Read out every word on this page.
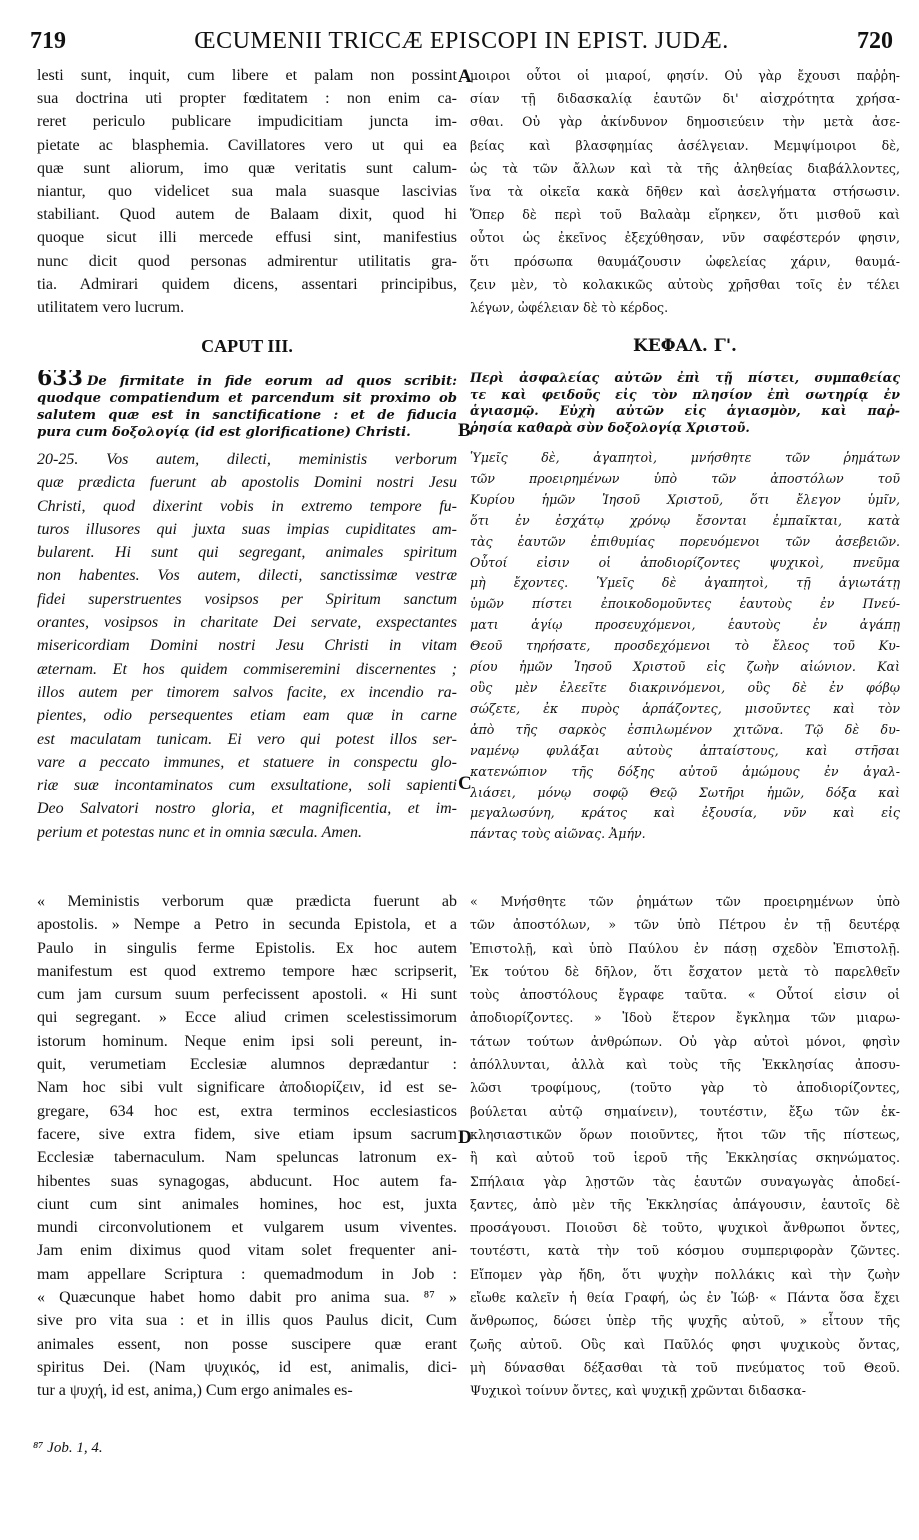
719	ŒCUMENII TRICCÆ EPISCOPI IN EPIST. JUDÆ.	720
lesti sunt, inquit, cum libere et palam non possint
sua doctrina uti propter fœditatem : non enim ca-
reret periculo publicare impudicitiam juncta im-
pietate ac blasphemia. Cavillatores vero ut qui ea
quæ sunt aliorum, imo quæ veritatis sunt calum-
niantur, quo videlicet sua mala suasque lascivias
stabiliant. Quod autem de Balaam dixit, quod hi
quoque sicut illi mercede effusi sint, manifestius
nunc dicit quod personas admirentur utilitatis gra-
tia. Admirari quidem dicens, assentari principibus,
utilitatem vero lucrum.
μοιροι οὗτοι οἱ μιαροί, φησίν. Οὐ γὰρ ἔχουσι παῤῥη-
σίαν τῇ διδασκαλίᾳ ἑαυτῶν δι' αἰσχρότητα χρήσα-
σθαι. Οὐ γὰρ ἀκίνδυνον δημοσιεύειν τὴν μετὰ ἀσε-
βείας καὶ βλασφημίας ἀσέλγειαν. Μεμψίμοιροι δὲ,
ὡς τὰ τῶν ἄλλων καὶ τὰ τῆς ἀληθείας διαβάλλοντες,
ἵνα τὰ οἰκεῖα κακὰ δῆθεν καὶ ἀσελγήματα στήσωσιν.
Ὅπερ δὲ περὶ τοῦ Βαλαὰμ εἴρηκεν, ὅτι μισθοῦ καὶ
οὗτοι ὡς ἐκεῖνος ἐξεχύθησαν, νῦν σαφέστερόν φησιν,
ὅτι πρόσωπα θαυμάζουσιν ὠφελείας χάριν, θαυμά-
ζειν μὲν, τὸ κολακικῶς αὐτοὺς χρῆσθαι τοῖς ἐν τέλει
λέγων, ὠφέλειαν δὲ τὸ κέρδος.
A
CAPUT III.	ΚΕΦΑΛ. Γ'.
633 De firmitate in fide eorum ad quos scribit:
quodque compatiendum et parcendum sit proximo ob
salutem quæ est in sanctificatione : et de fiducia
pura cum δοξολογίᾳ (id est glorificatione) Christi.
Περὶ ἀσφαλείας αὐτῶν ἐπὶ τῇ πίστει, συμπαθείας
τε καὶ φειδοῦς εἰς τὸν πλησίον ἐπὶ σωτηρίᾳ ἐν
ἁγιασμῷ. Εὐχὴ αὐτῶν εἰς ἁγιασμὸν, καὶ παῤ-
ῥησία καθαρὰ σὺν δοξολογίᾳ Χριστοῦ.
B
20-25. Vos autem, dilecti, meministis verborum
quæ prædicta fuerunt ab apostolis Domini nostri Jesu
Christi, quod dixerint vobis in extremo tempore fu-
turos illusores qui juxta suas impias cupiditates am-
bularent. Hi sunt qui segregant, animales spiritum
non habentes. Vos autem, dilecti, sanctissimæ vestræ
fidei superstruentes vosipsos per Spiritum sanctum
orantes, vosipsos in charitate Dei servate, exspectantes
misericordiam Domini nostri Jesu Christi in vitam
æternam. Et hos quidem commiseremini discernentes ;
illos autem per timorem salvos facite, ex incendio ra-
pientes, odio persequentes etiam eam quæ in carne
est maculatam tunicam. Ei vero qui potest illos ser-
vare a peccato immunes, et statuere in conspectu glo-
riæ suæ incontaminatos cum exsultatione, soli sapienti
Deo Salvatori nostro gloria, et magnificentia, et im-
perium et potestas nunc et in omnia sæcula. Amen.
Ὑμεῖς δὲ, ἀγαπητοὶ, μνήσθητε τῶν ῥημάτων
τῶν προειρημένων ὑπὸ τῶν ἀποστόλων τοῦ
Κυρίου ἡμῶν Ἰησοῦ Χριστοῦ, ὅτι ἔλεγον ὑμῖν,
ὅτι ἐν ἐσχάτῳ χρόνῳ ἔσονται ἐμπαῖκται, κατὰ
τὰς ἑαυτῶν ἐπιθυμίας πορευόμενοι τῶν ἀσεβειῶν.
Οὗτοί εἰσιν οἱ ἀποδιορίζοντες ψυχικοὶ, πνεῦμα
μὴ ἔχοντες. Ὑμεῖς δὲ ἀγαπητοὶ, τῇ ἁγιωτάτῃ
ὑμῶν πίστει ἐποικοδομοῦντες ἑαυτοὺς ἐν Πνεύ-
ματι ἁγίῳ προσευχόμενοι, ἑαυτοὺς ἐν ἀγάπῃ
Θεοῦ τηρήσατε, προσδεχόμενοι τὸ ἔλεος τοῦ Κυ-
ρίου ἡμῶν Ἰησοῦ Χριστοῦ εἰς ζωὴν αἰώνιον. Καὶ
οὓς μὲν ἐλεεῖτε διακρινόμενοι, οὓς δὲ ἐν φόβῳ
σώζετε, ἐκ πυρὸς ἁρπάζοντες, μισοῦντες καὶ τὸν
ἀπὸ τῆς σαρκὸς ἐσπιλωμένον χιτῶνα. Τῷ δὲ δυ-
ναμένῳ φυλάξαι αὐτοὺς ἀπταίστους, καὶ στῆσαι
κατενώπιον τῆς δόξης αὐτοῦ ἀμώμους ἐν ἀγαλ-
λιάσει, μόνῳ σοφῷ Θεῷ Σωτῆρι ἡμῶν, δόξα καὶ
μεγαλωσύνη, κράτος καὶ ἐξουσία, νῦν καὶ εἰς
πάντας τοὺς αἰῶνας. Ἀμήν.
C
« Meministis verborum quæ prædicta fuerunt ab
apostolis. » Nempe a Petro in secunda Epistola, et a
Paulo in singulis ferme Epistolis. Ex hoc autem
manifestum est quod extremo tempore hæc scripserit,
cum jam cursum suum perfecissent apostoli. « Hi sunt
qui segregant. » Ecce aliud crimen scelestissimorum
istorum hominum. Neque enim ipsi soli pereunt, in-
quit, verumetiam Ecclesiæ alumnos deprædantur :
Nam hoc sibi vult significare ἀποδιορίζειν, id est se-
gregare, 634 hoc est, extra terminos ecclesiasticos
facere, sive extra fidem, sive etiam ipsum sacrum
Ecclesiæ tabernaculum. Nam speluncas latronum ex-
hibentes suas synagogas, abducunt. Hoc autem fa-
ciunt cum sint animales homines, hoc est, juxta
mundi circonvolutionem et vulgarem usum viventes.
Jam enim diximus quod vitam solet frequenter ani-
mam appellare Scriptura : quemadmodum in Job :
« Quæcunque habet homo dabit pro anima sua. ⁸⁷ »
sive pro vita sua : et in illis quos Paulus dicit, Cum
animales essent, non posse suscipere quæ erant
spiritus Dei. (Nam ψυχικός, id est, animalis, dici-
tur a ψυχή, id est, anima,) Cum ergo animales es-
« Μνήσθητε τῶν ῥημάτων τῶν προειρημένων ὑπὸ
τῶν ἀποστόλων, » τῶν ὑπὸ Πέτρου ἐν τῇ δευτέρᾳ
Ἐπιστολῇ, καὶ ὑπὸ Παύλου ἐν πάσῃ σχεδὸν Ἐπιστολῇ.
Ἐκ τούτου δὲ δῆλον, ὅτι ἔσχατον μετὰ τὸ παρελθεῖν
τοὺς ἀποστόλους ἔγραφε ταῦτα. « Οὗτοί εἰσιν οἱ
ἀποδιορίζοντες. » Ἰδοὺ ἕτερον ἔγκλημα τῶν μιαρω-
τάτων τούτων ἀνθρώπων. Οὐ γὰρ αὐτοὶ μόνοι, φησὶν
ἀπόλλυνται, ἀλλὰ καὶ τοὺς τῆς Ἐκκλησίας ἀποσυ-
λῶσι τροφίμους, (τοῦτο γὰρ τὸ ἀποδιορίζοντες,
βούλεται αὐτῷ σημαίνειν), τουτέστιν, ἔξω τῶν ἐκ-
κλησιαστικῶν ὅρων ποιοῦντες, ἤτοι τῶν τῆς πίστεως,
ἢ καὶ αὐτοῦ τοῦ ἱεροῦ τῆς Ἐκκλησίας σκηνώματος.
Σπήλαια γὰρ λῃστῶν τὰς ἑαυτῶν συναγωγὰς ἀποδεί-
ξαντες, ἀπὸ μὲν τῆς Ἐκκλησίας ἀπάγουσιν, ἑαυτοῖς δὲ
προσάγουσι. Ποιοῦσι δὲ τοῦτο, ψυχικοὶ ἄνθρωποι ὄντες,
τουτέστι, κατὰ τὴν τοῦ κόσμου συμπεριφορὰν ζῶντες.
Εἴπομεν γὰρ ἤδη, ὅτι ψυχὴν πολλάκις καὶ τὴν ζωὴν
εἴωθε καλεῖν ἡ θεία Γραφή, ὡς ἐν Ἰώβ· « Πάντα ὅσα ἔχει
ἄνθρωπος, δώσει ὑπὲρ τῆς ψυχῆς αὐτοῦ, » εἶτουν τῆς
ζωῆς αὐτοῦ. Οὓς καὶ Παῦλός φησι ψυχικοὺς ὄντας,
μὴ δύνασθαι δέξασθαι τὰ τοῦ πνεύματος τοῦ Θεοῦ.
Ψυχικοὶ τοίνυν ὄντες, καὶ ψυχικῇ χρῶνται διδασκα-
D
⁸⁷ Job. 1, 4.
